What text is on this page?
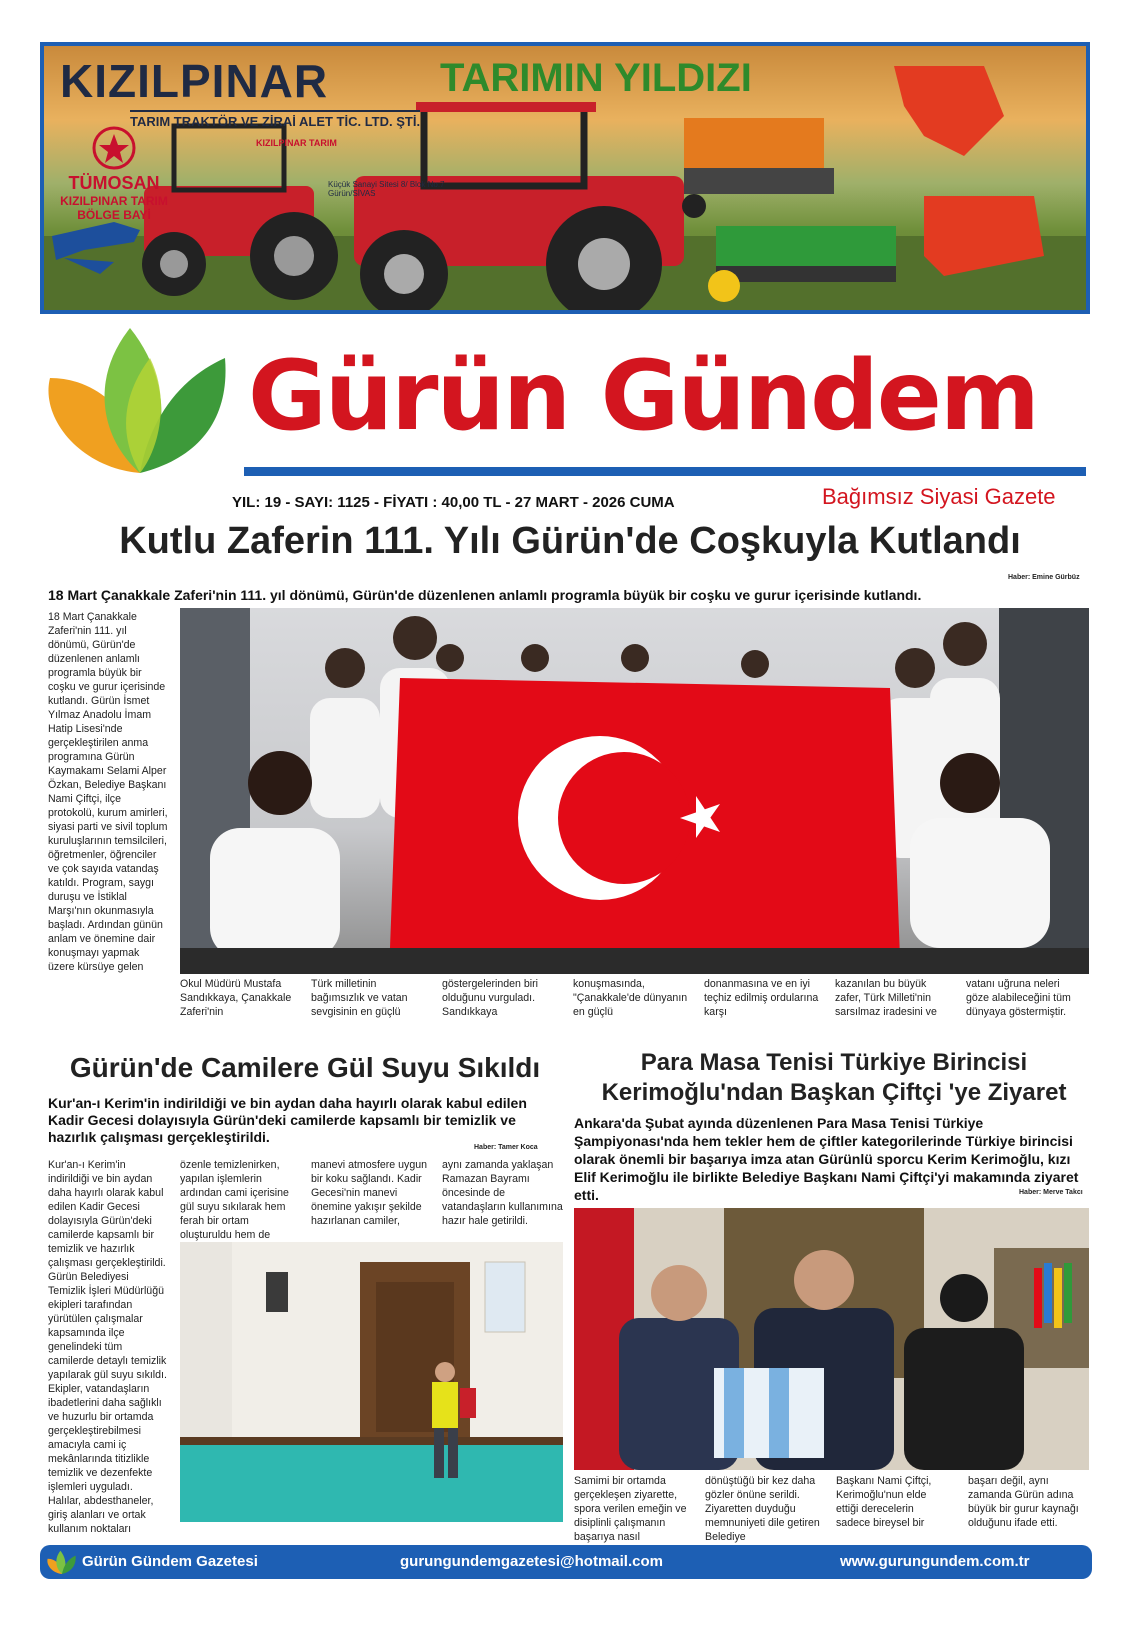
KIZILPINAR	TARIMIN YILDIZI
TARIM TRAKTÖR VE ZİRAİ ALET TİC. LTD. ŞTİ.
TÜMOSAN
KIZILPINAR TARIM
BÖLGE BAYİ
KIZILPINAR TARIM
Küçük Sanayi Sitesi 8/ Blok No:7 Gürün/SİVAS
Gürün Gündem
YIL: 19 - SAYI: 1125 - FİYATI : 40,00 TL - 27 MART - 2026 CUMA	Bağımsız Siyasi Gazete
Kutlu Zaferin 111. Yılı Gürün'de Coşkuyla Kutlandı
Haber: Emine Gürbüz
18 Mart Çanakkale Zaferi'nin 111. yıl dönümü, Gürün'de düzenlenen anlamlı programla büyük bir coşku ve gurur içerisinde kutlandı.
18 Mart Çanakkale Zaferi'nin 111. yıl dönümü, Gürün'de düzenlenen anlamlı programla büyük bir coşku ve gurur içerisinde kutlandı. Gürün İsmet Yılmaz Anadolu İmam Hatip Lisesi'nde gerçekleştirilen anma programına Gürün Kaymakamı Selami Alper Özkan, Belediye Başkanı Nami Çiftçi, ilçe protokolü, kurum amirleri, siyasi parti ve sivil toplum kuruluşlarının temsilcileri, öğretmenler, öğrenciler ve çok sayıda vatandaş katıldı. Program, saygı duruşu ve İstiklal Marşı'nın okunmasıyla başladı. Ardından günün anlam ve önemine dair konuşmayı yapmak üzere kürsüye gelen
Okul Müdürü Mustafa Sandıkkaya, Çanakkale Zaferi'nin
Türk milletinin bağımsızlık ve vatan sevgisinin en güçlü
göstergelerinden biri olduğunu vurguladı. Sandıkkaya
konuşmasında, "Çanakkale'de dünyanın en güçlü
donanmasına ve en iyi teçhiz edilmiş ordularına karşı
kazanılan bu büyük zafer, Türk Milleti'nin sarsılmaz iradesini ve
vatanı uğruna neleri göze alabileceğini tüm dünyaya göstermiştir.
Gürün'de Camilere Gül Suyu Sıkıldı
Kur'an-ı Kerim'in indirildiği ve bin aydan daha hayırlı olarak kabul edilen Kadir Gecesi dolayısıyla Gürün'deki camilerde kapsamlı bir temizlik ve hazırlık çalışması gerçekleştirildi.
Haber: Tamer Koca
Kur'an-ı Kerim'in indirildiği ve bin aydan daha hayırlı olarak kabul edilen Kadir Gecesi dolayısıyla Gürün'deki camilerde kapsamlı bir temizlik ve hazırlık çalışması gerçekleştirildi. Gürün Belediyesi Temizlik İşleri Müdürlüğü ekipleri tarafından yürütülen çalışmalar kapsamında ilçe genelindeki tüm camilerde detaylı temizlik yapılarak gül suyu sıkıldı. Ekipler, vatandaşların ibadetlerini daha sağlıklı ve huzurlu bir ortamda gerçekleştirebilmesi amacıyla cami iç mekânlarında titizlikle temizlik ve dezenfekte işlemleri uyguladı. Halılar, abdesthaneler, giriş alanları ve ortak kullanım noktaları
özenle temizlenirken, yapılan işlemlerin ardından cami içerisine gül suyu sıkılarak hem ferah bir ortam oluşturuldu hem de
manevi atmosfere uygun bir koku sağlandı. Kadir Gecesi'nin manevi önemine yakışır şekilde hazırlanan camiler,
aynı zamanda yaklaşan Ramazan Bayramı öncesinde de vatandaşların kullanımına hazır hale getirildi.
Para Masa Tenisi Türkiye Birincisi Kerimoğlu'ndan Başkan Çiftçi 'ye Ziyaret
Ankara'da Şubat ayında düzenlenen Para Masa Tenisi Türkiye Şampiyonası'nda hem tekler hem de çiftler kategorilerinde Türkiye birincisi olarak önemli bir başarıya imza atan Gürünlü sporcu Kerim Kerimoğlu, kızı Elif Kerimoğlu ile birlikte Belediye Başkanı Nami Çiftçi'yi makamında ziyaret etti.	Haber: Merve Takcı
Samimi bir ortamda gerçekleşen ziyarette, spora verilen emeğin ve disiplinli çalışmanın başarıya nasıl
dönüştüğü bir kez daha gözler önüne serildi. Ziyaretten duyduğu memnuniyeti dile getiren Belediye
Başkanı Nami Çiftçi, Kerimoğlu'nun elde ettiği derecelerin sadece bireysel bir
başarı değil, aynı zamanda Gürün adına büyük bir gurur kaynağı olduğunu ifade etti.
Gürün Gündem Gazetesi	gurungundemgazetesi@hotmail.com	www.gurungundem.com.tr
